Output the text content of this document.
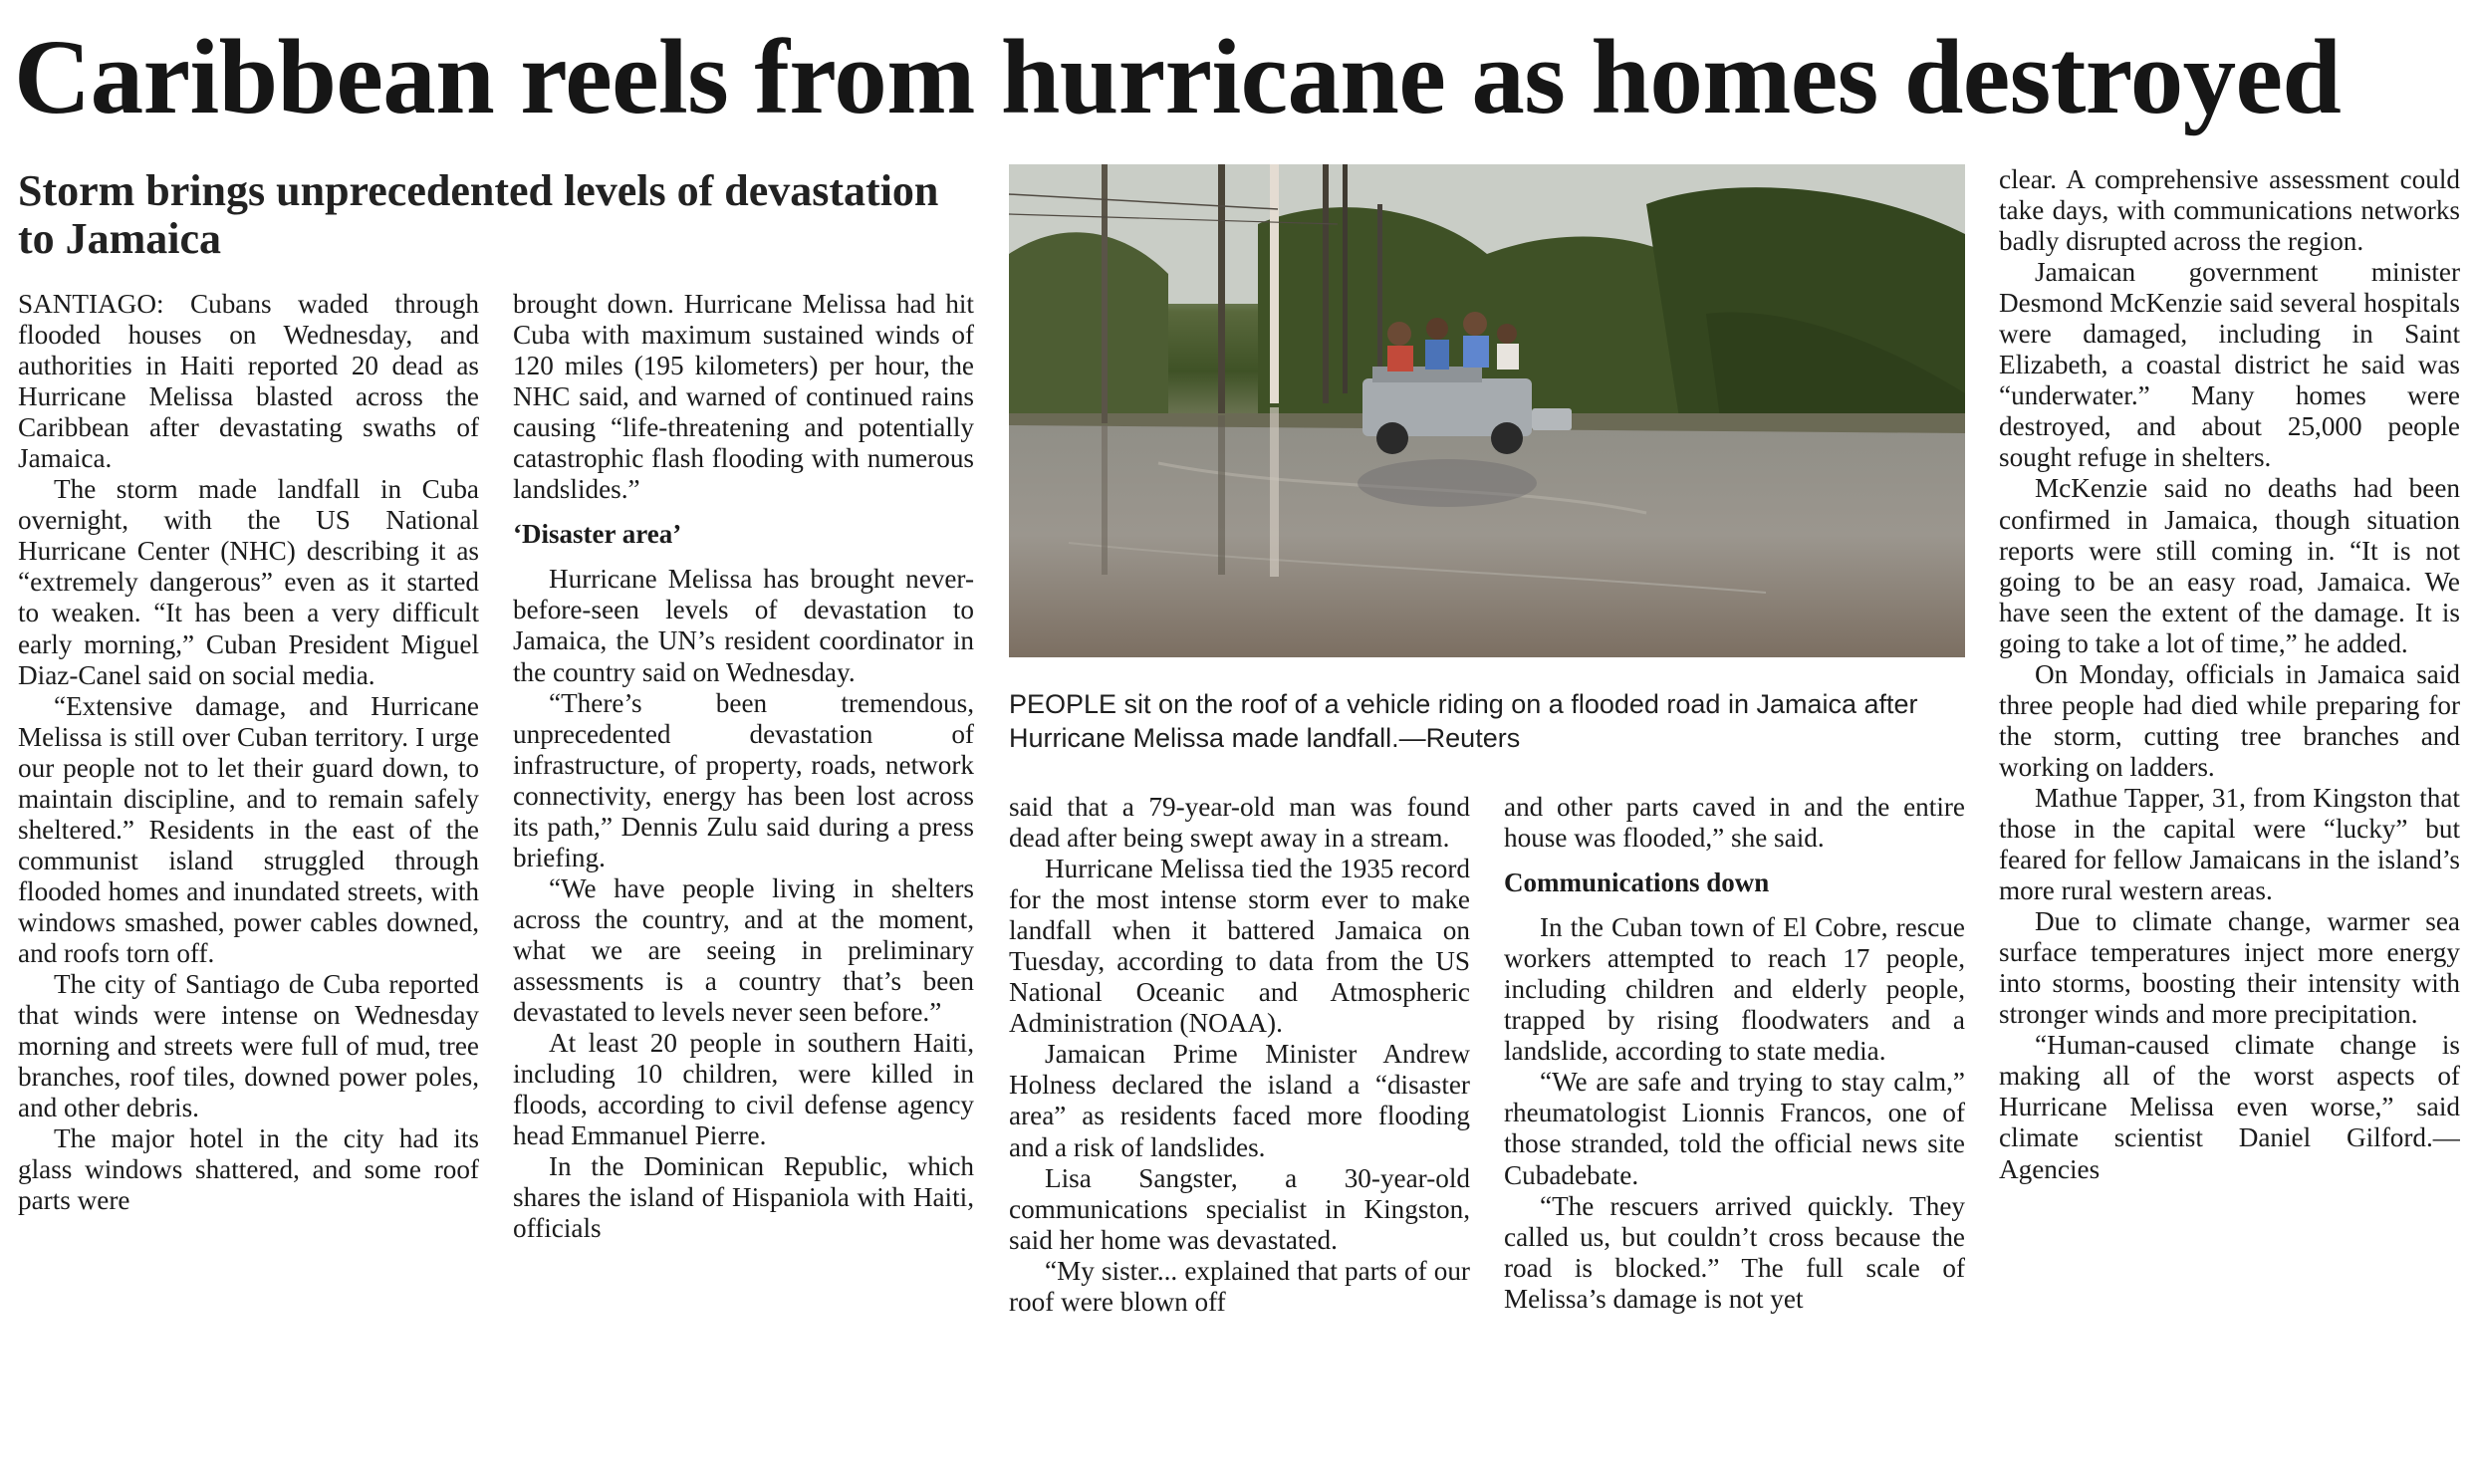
Caribbean reels from hurricane as homes destroyed
Storm brings unprecedented levels of devastation to Jamaica

SANTIAGO: Cubans waded through flooded houses on Wednesday, and authorities in Haiti reported 20 dead as Hurricane Melissa blasted across the Caribbean after devastating swaths of Jamaica.

The storm made landfall in Cuba overnight, with the US National Hurricane Center (NHC) describing it as “extremely dangerous” even as it started to weaken. “It has been a very difficult early morning,” Cuban President Miguel Diaz-Canel said on social media.

“Extensive damage, and Hurricane Melissa is still over Cuban territory. I urge our people not to let their guard down, to maintain discipline, and to remain safely sheltered.” Residents in the east of the communist island struggled through flooded homes and inundated streets, with windows smashed, power cables downed, and roofs torn off.

The city of Santiago de Cuba reported that winds were intense on Wednesday morning and streets were full of mud, tree branches, roof tiles, downed power poles, and other debris.

The major hotel in the city had its glass windows shattered, and some roof parts were

brought down. Hurricane Melissa had hit Cuba with maximum sustained winds of 120 miles (195 kilometers) per hour, the NHC said, and warned of continued rains causing “life-threatening and potentially catastrophic flash flooding with numerous landslides.”

‘Disaster area’

Hurricane Melissa has brought never-before-seen levels of devastation to Jamaica, the UN’s resident coordinator in the country said on Wednesday.

“There’s been tremendous, unprecedented devastation of infrastructure, of property, roads, network connectivity, energy has been lost across its path,” Dennis Zulu said during a press briefing.

“We have people living in shelters across the country, and at the moment, what we are seeing in preliminary assessments is a country that’s been devastated to levels never seen before.”

At least 20 people in southern Haiti, including 10 children, were killed in floods, according to civil defense agency head Emmanuel Pierre.

In the Dominican Republic, which shares the island of Hispaniola with Haiti, officials

PEOPLE sit on the roof of a vehicle riding on a flooded road in Jamaica after Hurricane Melissa made landfall.—Reuters

said that a 79-year-old man was found dead after being swept away in a stream.

Hurricane Melissa tied the 1935 record for the most intense storm ever to make landfall when it battered Jamaica on Tuesday, according to data from the US National Oceanic and Atmospheric Administration (NOAA).

Jamaican Prime Minister Andrew Holness declared the island a “disaster area” as residents faced more flooding and a risk of landslides.

Lisa Sangster, a 30-year-old communications specialist in Kingston, said her home was devastated.

“My sister... explained that parts of our roof were blown off

and other parts caved in and the entire house was flooded,” she said.

Communications down

In the Cuban town of El Cobre, rescue workers attempted to reach 17 people, including children and elderly people, trapped by rising floodwaters and a landslide, according to state media.

“We are safe and trying to stay calm,” rheumatologist Lionnis Francos, one of those stranded, told the official news site Cubadebate.

“The rescuers arrived quickly. They called us, but couldn’t cross because the road is blocked.” The full scale of Melissa’s damage is not yet

clear. A comprehensive assessment could take days, with communications networks badly disrupted across the region.

Jamaican government minister Desmond McKenzie said several hospitals were damaged, including in Saint Elizabeth, a coastal district he said was “underwater.” Many homes were destroyed, and about 25,000 people sought refuge in shelters.

McKenzie said no deaths had been confirmed in Jamaica, though situation reports were still coming in. “It is not going to be an easy road, Jamaica. We have seen the extent of the damage. It is going to take a lot of time,” he added.

On Monday, officials in Jamaica said three people had died while preparing for the storm, cutting tree branches and working on ladders.

Mathue Tapper, 31, from Kingston that those in the capital were “lucky” but feared for fellow Jamaicans in the island’s more rural western areas.

Due to climate change, warmer sea surface temperatures inject more energy into storms, boosting their intensity with stronger winds and more precipitation.

“Human-caused climate change is making all of the worst aspects of Hurricane Melissa even worse,” said climate scientist Daniel Gilford.—Agencies
